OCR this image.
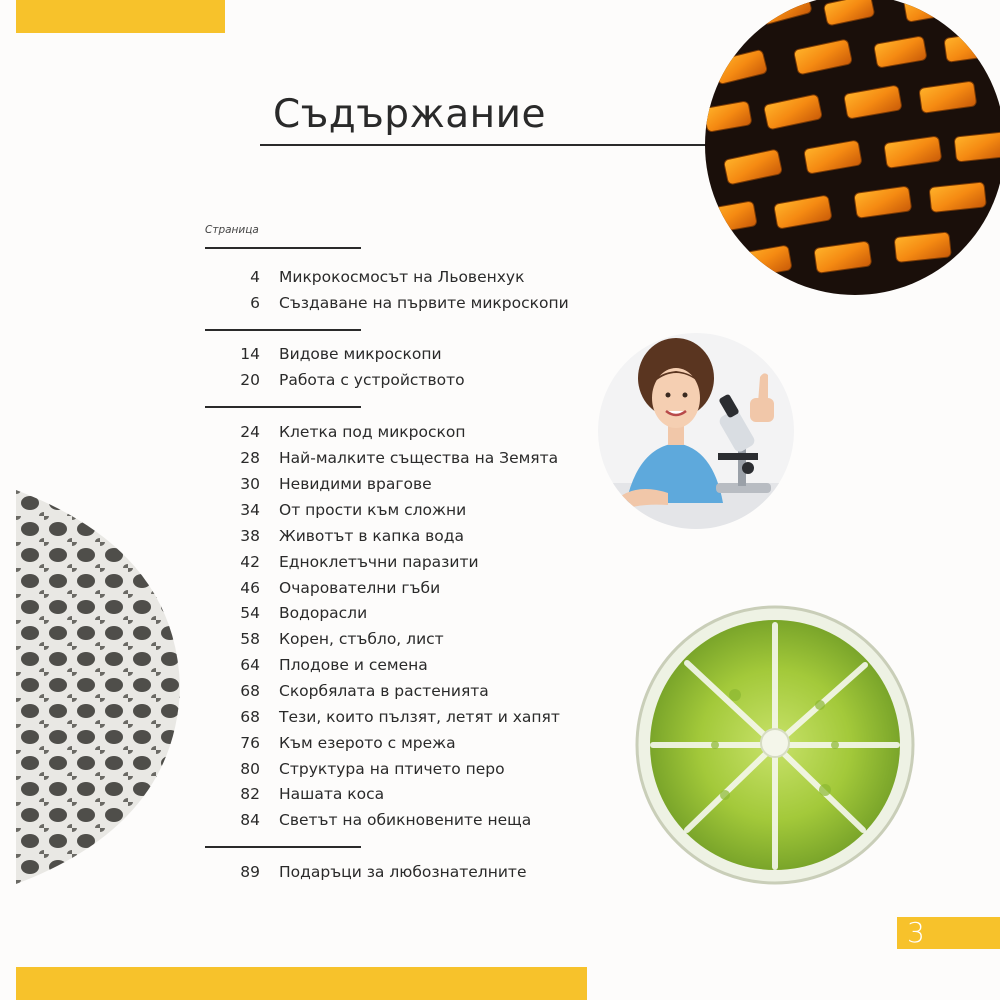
3
Съдържание
Страница
4 Микрокосмосът на Льовенхук
6 Създаване на първите микроскопи
14 Видове микроскопи
20 Работа с устройството
24 Клетка под микроскоп
28 Най-малките същества на Земята
30 Невидими врагове
34 От прости към сложни
38 Животът в капка вода
42 Едноклетъчни паразити
46 Очарователни гъби
54 Водорасли
58 Корен, стъбло, лист
64 Плодове и семена
68 Скорбялата в растенията
68 Тези, които пълзят, летят и хапят
76 Към езерото с мрежа
80 Структура на птичето перо
82 Нашата коса
84 Светът на обикновените неща
89 Подаръци за любознателните
